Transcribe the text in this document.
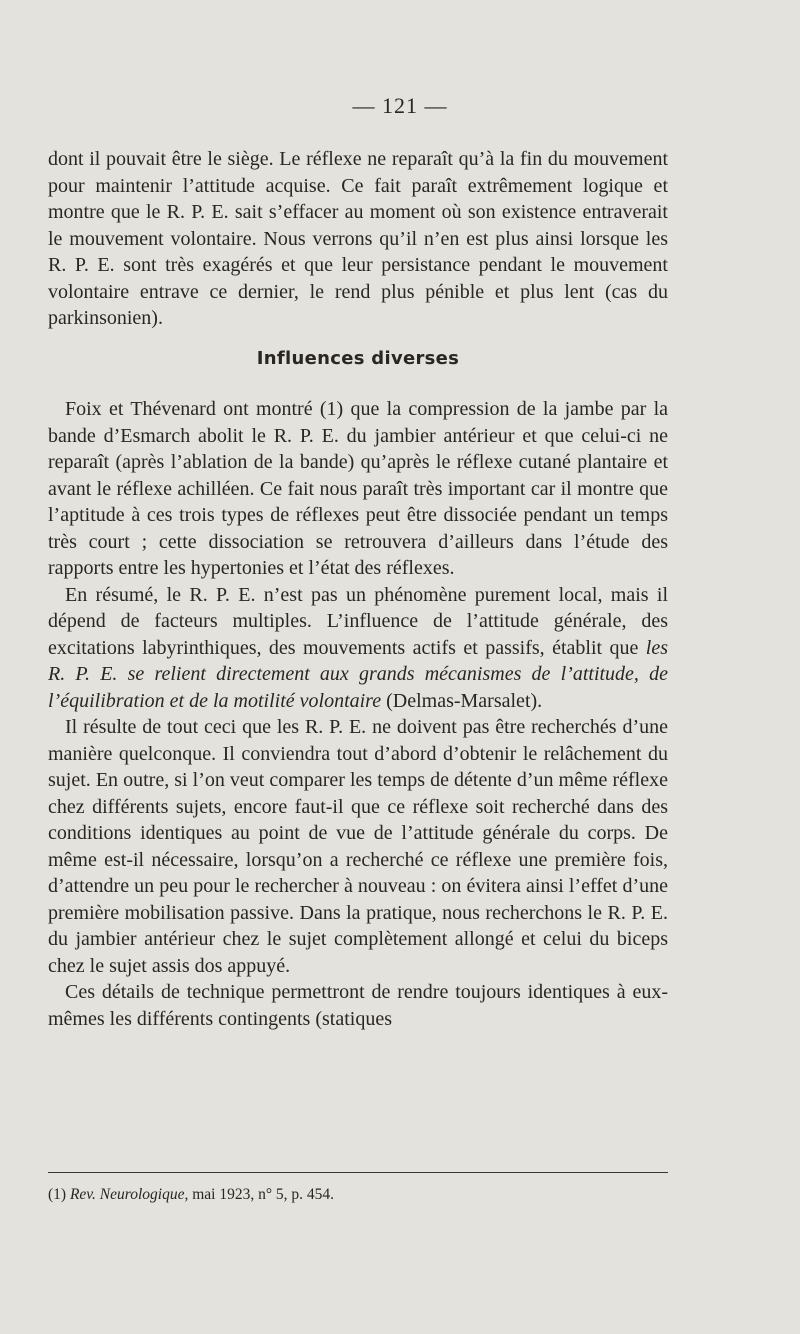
— 121 —

dont il pouvait être le siège. Le réflexe ne reparaît qu’à la fin du mouvement pour maintenir l’attitude acquise. Ce fait paraît extrêmement logique et montre que le R. P. E. sait s’effacer au moment où son existence entraverait le mouvement volontaire. Nous verrons qu’il n’en est plus ainsi lorsque les R. P. E. sont très exagérés et que leur persistance pendant le mouvement volontaire entrave ce dernier, le rend plus pénible et plus lent (cas du parkinsonien).

Influences diverses

Foix et Thévenard ont montré (1) que la compression de la jambe par la bande d’Esmarch abolit le R. P. E. du jambier antérieur et que celui-ci ne reparaît (après l’ablation de la bande) qu’après le réflexe cutané plantaire et avant le réflexe achilléen. Ce fait nous paraît très important car il montre que l’aptitude à ces trois types de réflexes peut être dissociée pendant un temps très court ; cette dissociation se retrouvera d’ailleurs dans l’étude des rapports entre les hypertonies et l’état des réflexes.

En résumé, le R. P. E. n’est pas un phénomène purement local, mais il dépend de facteurs multiples. L’influence de l’attitude générale, des excitations labyrinthiques, des mouvements actifs et passifs, établit que les R. P. E. se relient directement aux grands mécanismes de l’attitude, de l’équilibration et de la motilité volontaire (Delmas-Marsalet).

Il résulte de tout ceci que les R. P. E. ne doivent pas être recherchés d’une manière quelconque. Il conviendra tout d’abord d’obtenir le relâchement du sujet. En outre, si l’on veut comparer les temps de détente d’un même réflexe chez différents sujets, encore faut-il que ce réflexe soit recherché dans des conditions identiques au point de vue de l’attitude générale du corps. De même est-il nécessaire, lorsqu’on a recherché ce réflexe une première fois, d’attendre un peu pour le rechercher à nouveau : on évitera ainsi l’effet d’une première mobilisation passive. Dans la pratique, nous recherchons le R. P. E. du jambier antérieur chez le sujet complètement allongé et celui du biceps chez le sujet assis dos appuyé.

Ces détails de technique permettront de rendre toujours identiques à eux-mêmes les différents contingents (statiques

(1) Rev. Neurologique, mai 1923, n° 5, p. 454.
